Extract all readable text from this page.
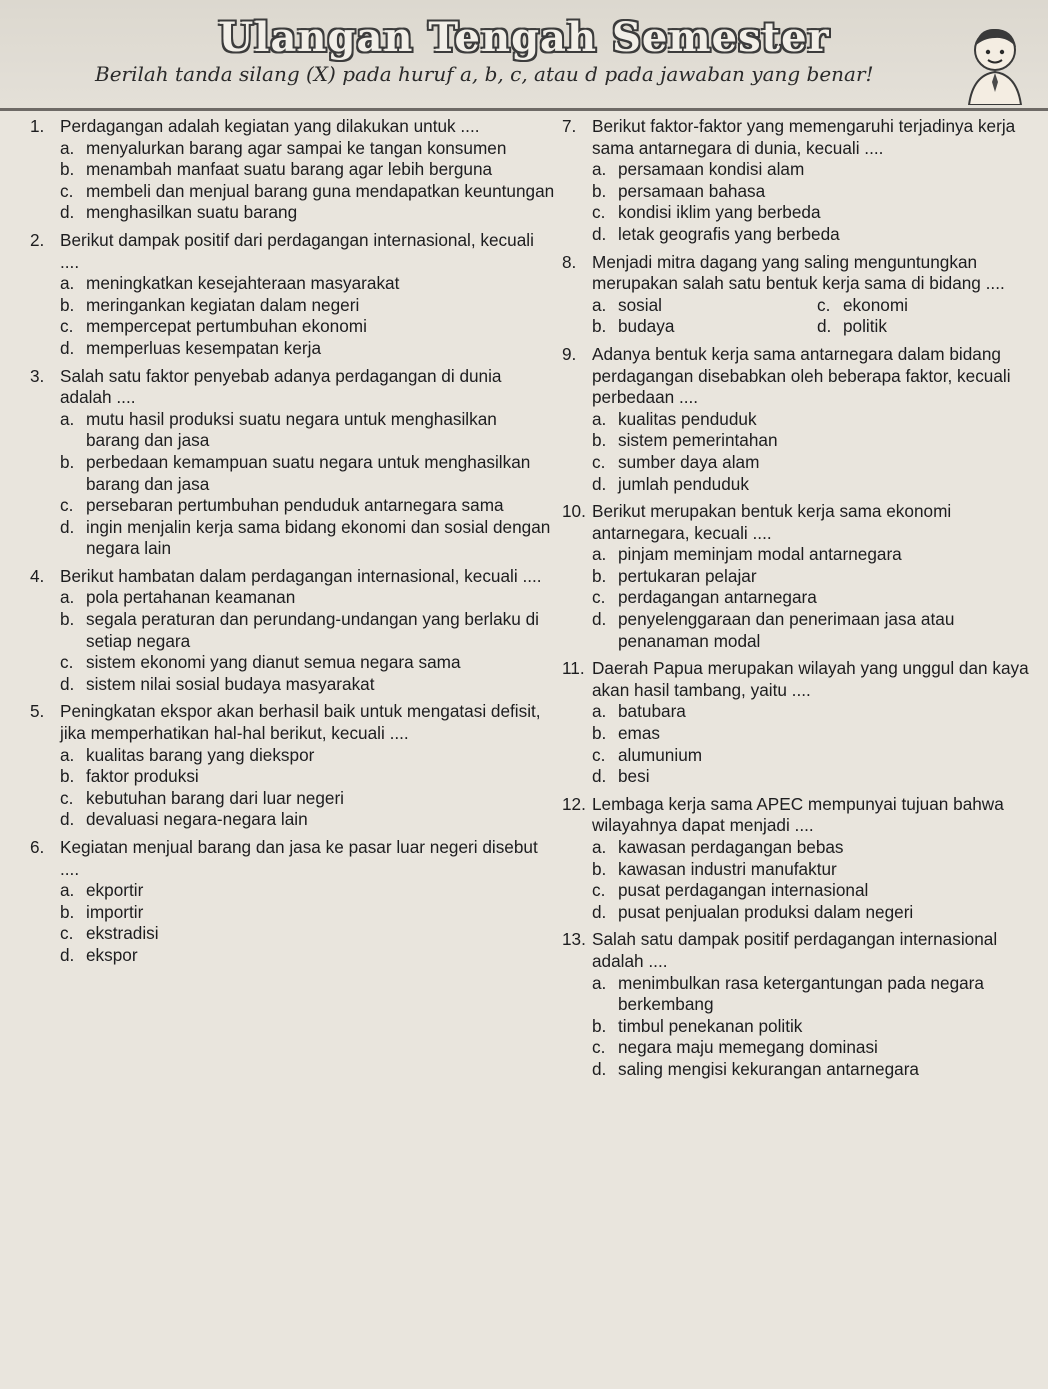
Ulangan Tengah Semester
Berilah tanda silang (X) pada huruf a, b, c, atau d pada jawaban yang benar!
1. Perdagangan adalah kegiatan yang dilakukan untuk ....
a. menyalurkan barang agar sampai ke tangan konsumen
b. menambah manfaat suatu barang agar lebih berguna
c. membeli dan menjual barang guna mendapatkan keuntungan
d. menghasilkan suatu barang
2. Berikut dampak positif dari perdagangan internasional, kecuali ....
a. meningkatkan kesejahteraan masyarakat
b. meringankan kegiatan dalam negeri
c. mempercepat pertumbuhan ekonomi
d. memperluas kesempatan kerja
3. Salah satu faktor penyebab adanya perdagangan di dunia adalah ....
a. mutu hasil produksi suatu negara untuk menghasilkan barang dan jasa
b. perbedaan kemampuan suatu negara untuk menghasilkan barang dan jasa
c. persebaran pertumbuhan penduduk antarnegara sama
d. ingin menjalin kerja sama bidang ekonomi dan sosial dengan negara lain
4. Berikut hambatan dalam perdagangan internasional, kecuali ....
a. pola pertahanan keamanan
b. segala peraturan dan perundang-undangan yang berlaku di setiap negara
c. sistem ekonomi yang dianut semua negara sama
d. sistem nilai sosial budaya masyarakat
5. Peningkatan ekspor akan berhasil baik untuk mengatasi defisit, jika memperhatikan hal-hal berikut, kecuali ....
a. kualitas barang yang diekspor
b. faktor produksi
c. kebutuhan barang dari luar negeri
d. devaluasi negara-negara lain
6. Kegiatan menjual barang dan jasa ke pasar luar negeri disebut ....
a. ekportir
b. importir
c. ekstradisi
d. ekspor
7. Berikut faktor-faktor yang memengaruhi terjadinya kerja sama antarnegara di dunia, kecuali ....
a. persamaan kondisi alam
b. persamaan bahasa
c. kondisi iklim yang berbeda
d. letak geografis yang berbeda
8. Menjadi mitra dagang yang saling menguntungkan merupakan salah satu bentuk kerja sama di bidang ....
a. sosial	c. ekonomi
b. budaya	d. politik
9. Adanya bentuk kerja sama antarnegara dalam bidang perdagangan disebabkan oleh beberapa faktor, kecuali perbedaan ....
a. kualitas penduduk
b. sistem pemerintahan
c. sumber daya alam
d. jumlah penduduk
10. Berikut merupakan bentuk kerja sama ekonomi antarnegara, kecuali ....
a. pinjam meminjam modal antarnegara
b. pertukaran pelajar
c. perdagangan antarnegara
d. penyelenggaraan dan penerimaan jasa atau penanaman modal
11. Daerah Papua merupakan wilayah yang unggul dan kaya akan hasil tambang, yaitu ....
a. batubara
b. emas
c. alumunium
d. besi
12. Lembaga kerja sama APEC mempunyai tujuan bahwa wilayahnya dapat menjadi ....
a. kawasan perdagangan bebas
b. kawasan industri manufaktur
c. pusat perdagangan internasional
d. pusat penjualan produksi dalam negeri
13. Salah satu dampak positif perdagangan internasional adalah ....
a. menimbulkan rasa ketergantungan pada negara berkembang
b. timbul penekanan politik
c. negara maju memegang dominasi
d. saling mengisi kekurangan antarnegara
